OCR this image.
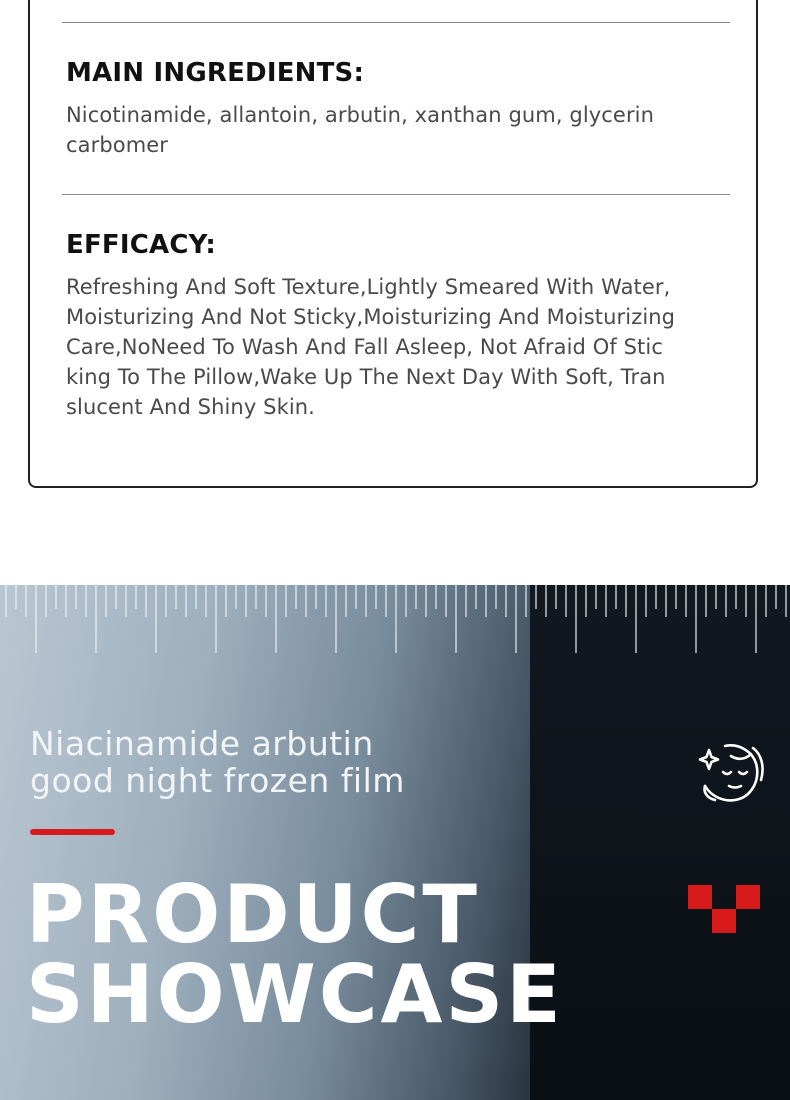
MAIN INGREDIENTS:
Nicotinamide, allantoin, arbutin, xanthan gum, glycerin
carbomer
EFFICACY:
Refreshing And Soft Texture,Lightly Smeared With Water,
Moisturizing And Not Sticky,Moisturizing And Moisturizing
Care,NoNeed To Wash And Fall Asleep, Not Afraid Of Stic
king To The Pillow,Wake Up The Next Day With Soft, Tran
slucent And Shiny Skin.
Niacinamide arbutin
good night frozen film
PRODUCT
SHOWCASE
